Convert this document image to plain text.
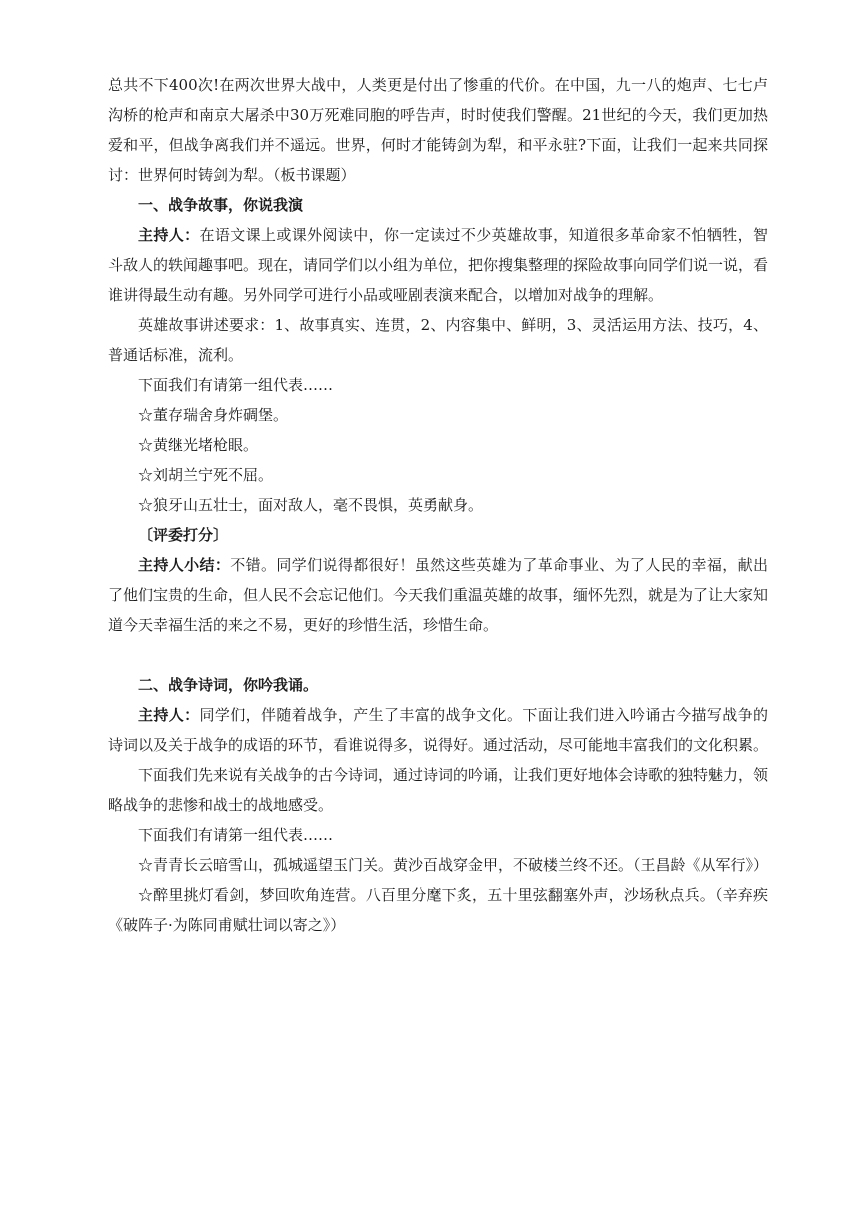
总共不下400次!在两次世界大战中，人类更是付出了惨重的代价。在中国，九一八的炮声、七七卢沟桥的枪声和南京大屠杀中30万死难同胞的呼告声，时时使我们警醒。21世纪的今天，我们更加热爱和平，但战争离我们并不遥远。世界，何时才能铸剑为犁，和平永驻?下面，让我们一起来共同探讨：世界何时铸剑为犁。（板书课题）

一、战争故事，你说我演

主持人：在语文课上或课外阅读中，你一定读过不少英雄故事，知道很多革命家不怕牺牲，智斗敌人的轶闻趣事吧。现在，请同学们以小组为单位，把你搜集整理的探险故事向同学们说一说，看谁讲得最生动有趣。另外同学可进行小品或哑剧表演来配合，以增加对战争的理解。

英雄故事讲述要求：1、故事真实、连贯，2、内容集中、鲜明，3、灵活运用方法、技巧，4、普通话标准，流利。

下面我们有请第一组代表……

☆董存瑞舍身炸碉堡。

☆黄继光堵枪眼。

☆刘胡兰宁死不屈。

☆狼牙山五壮士，面对敌人，毫不畏惧，英勇献身。

〔评委打分〕

主持人小结：不错。同学们说得都很好！虽然这些英雄为了革命事业、为了人民的幸福，献出了他们宝贵的生命，但人民不会忘记他们。今天我们重温英雄的故事，缅怀先烈，就是为了让大家知道今天幸福生活的来之不易，更好的珍惜生活，珍惜生命。

二、战争诗词，你吟我诵。

主持人：同学们，伴随着战争，产生了丰富的战争文化。下面让我们进入吟诵古今描写战争的诗词以及关于战争的成语的环节，看谁说得多，说得好。通过活动，尽可能地丰富我们的文化积累。

下面我们先来说有关战争的古今诗词，通过诗词的吟诵，让我们更好地体会诗歌的独特魅力，领略战争的悲惨和战士的战地感受。

下面我们有请第一组代表……

☆青青长云暗雪山，孤城遥望玉门关。黄沙百战穿金甲，不破楼兰终不还。（王昌龄《从军行》）

☆醉里挑灯看剑，梦回吹角连营。八百里分麾下炙，五十里弦翻塞外声，沙场秋点兵。（辛弃疾《破阵子·为陈同甫赋壮词以寄之》）
